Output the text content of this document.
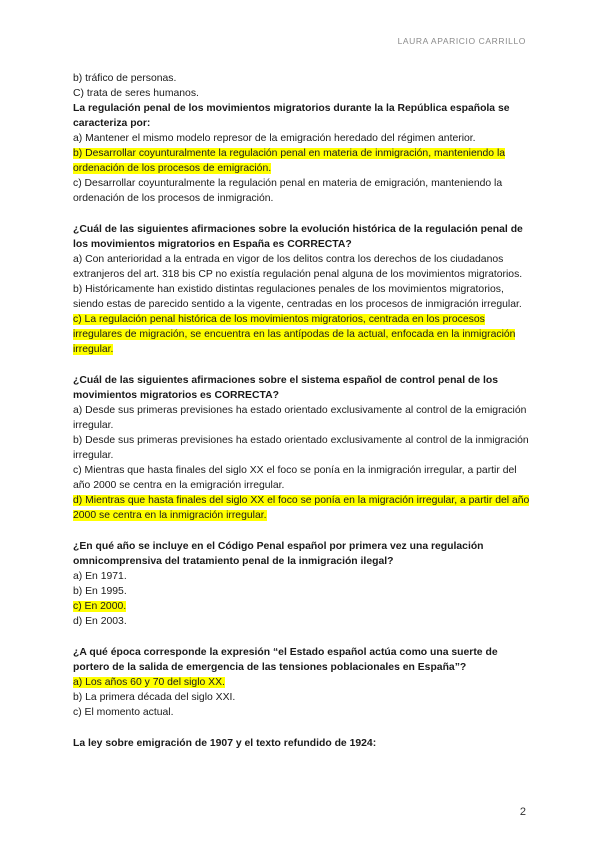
LAURA APARICIO CARRILLO

b) tráfico de personas.

C) trata de seres humanos.

La regulación penal de los movimientos migratorios durante la la República española se caracteriza por:

a) Mantener el mismo modelo represor de la emigración heredado del régimen anterior.

b) Desarrollar coyunturalmente la regulación penal en materia de inmigración, manteniendo la ordenación de los procesos de emigración.

c) Desarrollar coyunturalmente la regulación penal en materia de emigración, manteniendo la ordenación de los procesos de inmigración.

¿Cuál de las siguientes afirmaciones sobre la evolución histórica de la regulación penal de los movimientos migratorios en España es CORRECTA?

a) Con anterioridad a la entrada en vigor de los delitos contra los derechos de los ciudadanos extranjeros del art. 318 bis CP no existía regulación penal alguna de los movimientos migratorios.

b) Históricamente han existido distintas regulaciones penales de los movimientos migratorios, siendo estas de parecido sentido a la vigente, centradas en los procesos de inmigración irregular.

c) La regulación penal histórica de los movimientos migratorios, centrada en los procesos irregulares de migración, se encuentra en las antípodas de la actual, enfocada en la inmigración irregular.

¿Cuál de las siguientes afirmaciones sobre el sistema español de control penal de los movimientos migratorios es CORRECTA?

a) Desde sus primeras previsiones ha estado orientado exclusivamente al control de la emigración irregular.

b) Desde sus primeras previsiones ha estado orientado exclusivamente al control de la inmigración irregular.

c) Mientras que hasta finales del siglo XX el foco se ponía en la inmigración irregular, a partir del año 2000 se centra en la emigración irregular.

d) Mientras que hasta finales del siglo XX el foco se ponía en la migración irregular, a partir del año 2000 se centra en la inmigración irregular.

¿En qué año se incluye en el Código Penal español por primera vez una regulación omnicomprensiva del tratamiento penal de la inmigración ilegal?

a) En 1971.

b) En 1995.

c) En 2000.

d) En 2003.

¿A qué época corresponde la expresión “el Estado español actúa como una suerte de portero de la salida de emergencia de las tensiones poblacionales en España”?

a) Los años 60 y 70 del siglo XX.

b) La primera década del siglo XXI.

c) El momento actual.

La ley sobre emigración de 1907 y el texto refundido de 1924:

2
